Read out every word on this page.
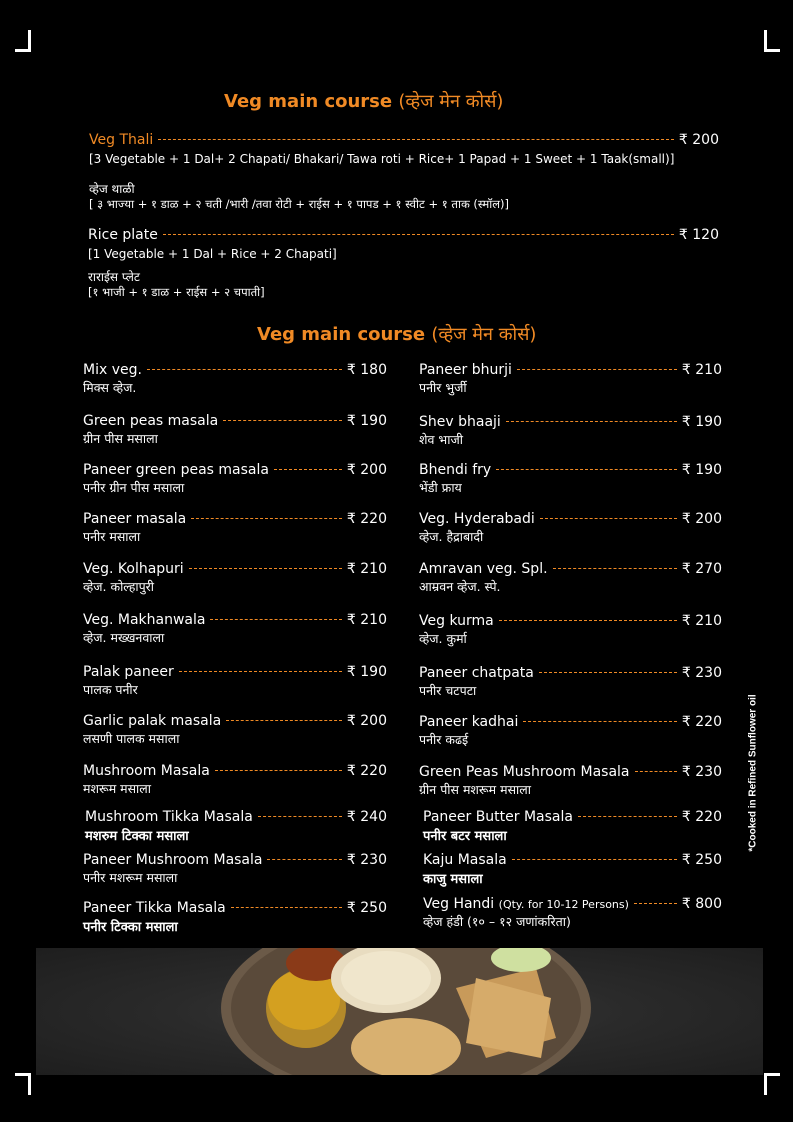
Veg main course (व्हेज मेन कोर्स)
Veg Thali	₹ 200
[3 Vegetable + 1 Dal+ 2 Chapati/ Bhakari/ Tawa roti + Rice+ 1 Papad + 1 Sweet + 1 Taak(small)]
व्हेज थाळी
[ ३ भाज्या + १ डाळ + २ चती /भारी /तवा रोटी + राईस + १ पापड + १ स्वीट + १ ताक (स्मॉल)]
Rice plate	₹ 120
[1 Vegetable + 1 Dal + Rice + 2 Chapati]
राराईस प्लेट
[१ भाजी + १ डाळ + राईस + २ चपाती]
Veg main course (व्हेज मेन कोर्स)
Mix veg.	₹ 180
मिक्स व्हेज.
Green peas masala	₹ 190
ग्रीन पीस मसाला
Paneer green peas masala	₹ 200
पनीर ग्रीन पीस मसाला
Paneer masala	₹ 220
पनीर मसाला
Veg. Kolhapuri	₹ 210
व्हेज. कोल्हापुरी
Veg. Makhanwala	₹ 210
व्हेज. मख्खनवाला
Palak paneer	₹ 190
पालक पनीर
Garlic palak masala	₹ 200
लसणी पालक मसाला
Mushroom Masala	₹ 220
मशरूम मसाला
Mushroom Tikka Masala	₹ 240
मशरुम टिक्का मसाला
Paneer Mushroom Masala	₹ 230
पनीर मशरूम मसाला
Paneer Tikka Masala	₹ 250
पनीर टिक्का मसाला
Paneer bhurji	₹ 210
पनीर भुर्जी
Shev bhaaji	₹ 190
शेव भाजी
Bhendi fry	₹ 190
भेंडी फ्राय
Veg. Hyderabadi	₹ 200
व्हेज. हैद्राबादी
Amravan veg. Spl.	₹ 270
आम्रवन व्हेज. स्पे.
Veg kurma	₹ 210
व्हेज. कुर्मा
Paneer chatpata	₹ 230
पनीर चटपटा
Paneer kadhai	₹ 220
पनीर कढई
Green Peas Mushroom Masala	₹ 230
ग्रीन पीस मशरूम मसाला
Paneer Butter Masala	₹ 220
पनीर बटर मसाला
Kaju Masala	₹ 250
काजु मसाला
Veg Handi (Qty. for 10-12 Persons)	₹ 800
व्हेज हंडी (१० – १२ जणांकरिता)
*Cooked in Refined Sunflower oil
